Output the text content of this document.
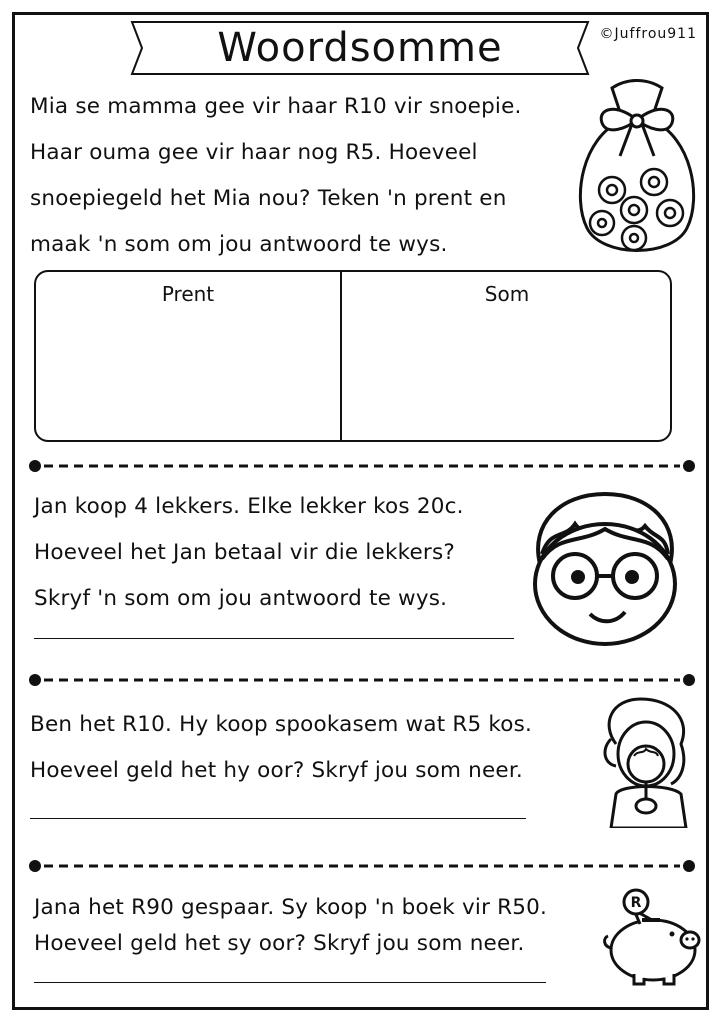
Woordsomme	©Juffrou911
Mia se mamma gee vir haar R10 vir snoepie.
Haar ouma gee vir haar nog R5. Hoeveel
snoepiegeld het Mia nou? Teken 'n prent en
maak 'n som om jou antwoord te wys.
Prent	Som
Jan koop 4 lekkers. Elke lekker kos 20c.
Hoeveel het Jan betaal vir die lekkers?
Skryf 'n som om jou antwoord te wys.
Ben het R10. Hy koop spookasem wat R5 kos.
Hoeveel geld het hy oor? Skryf jou som neer.
Jana het R90 gespaar. Sy koop 'n boek vir R50.
Hoeveel geld het sy oor? Skryf jou som neer.
R
